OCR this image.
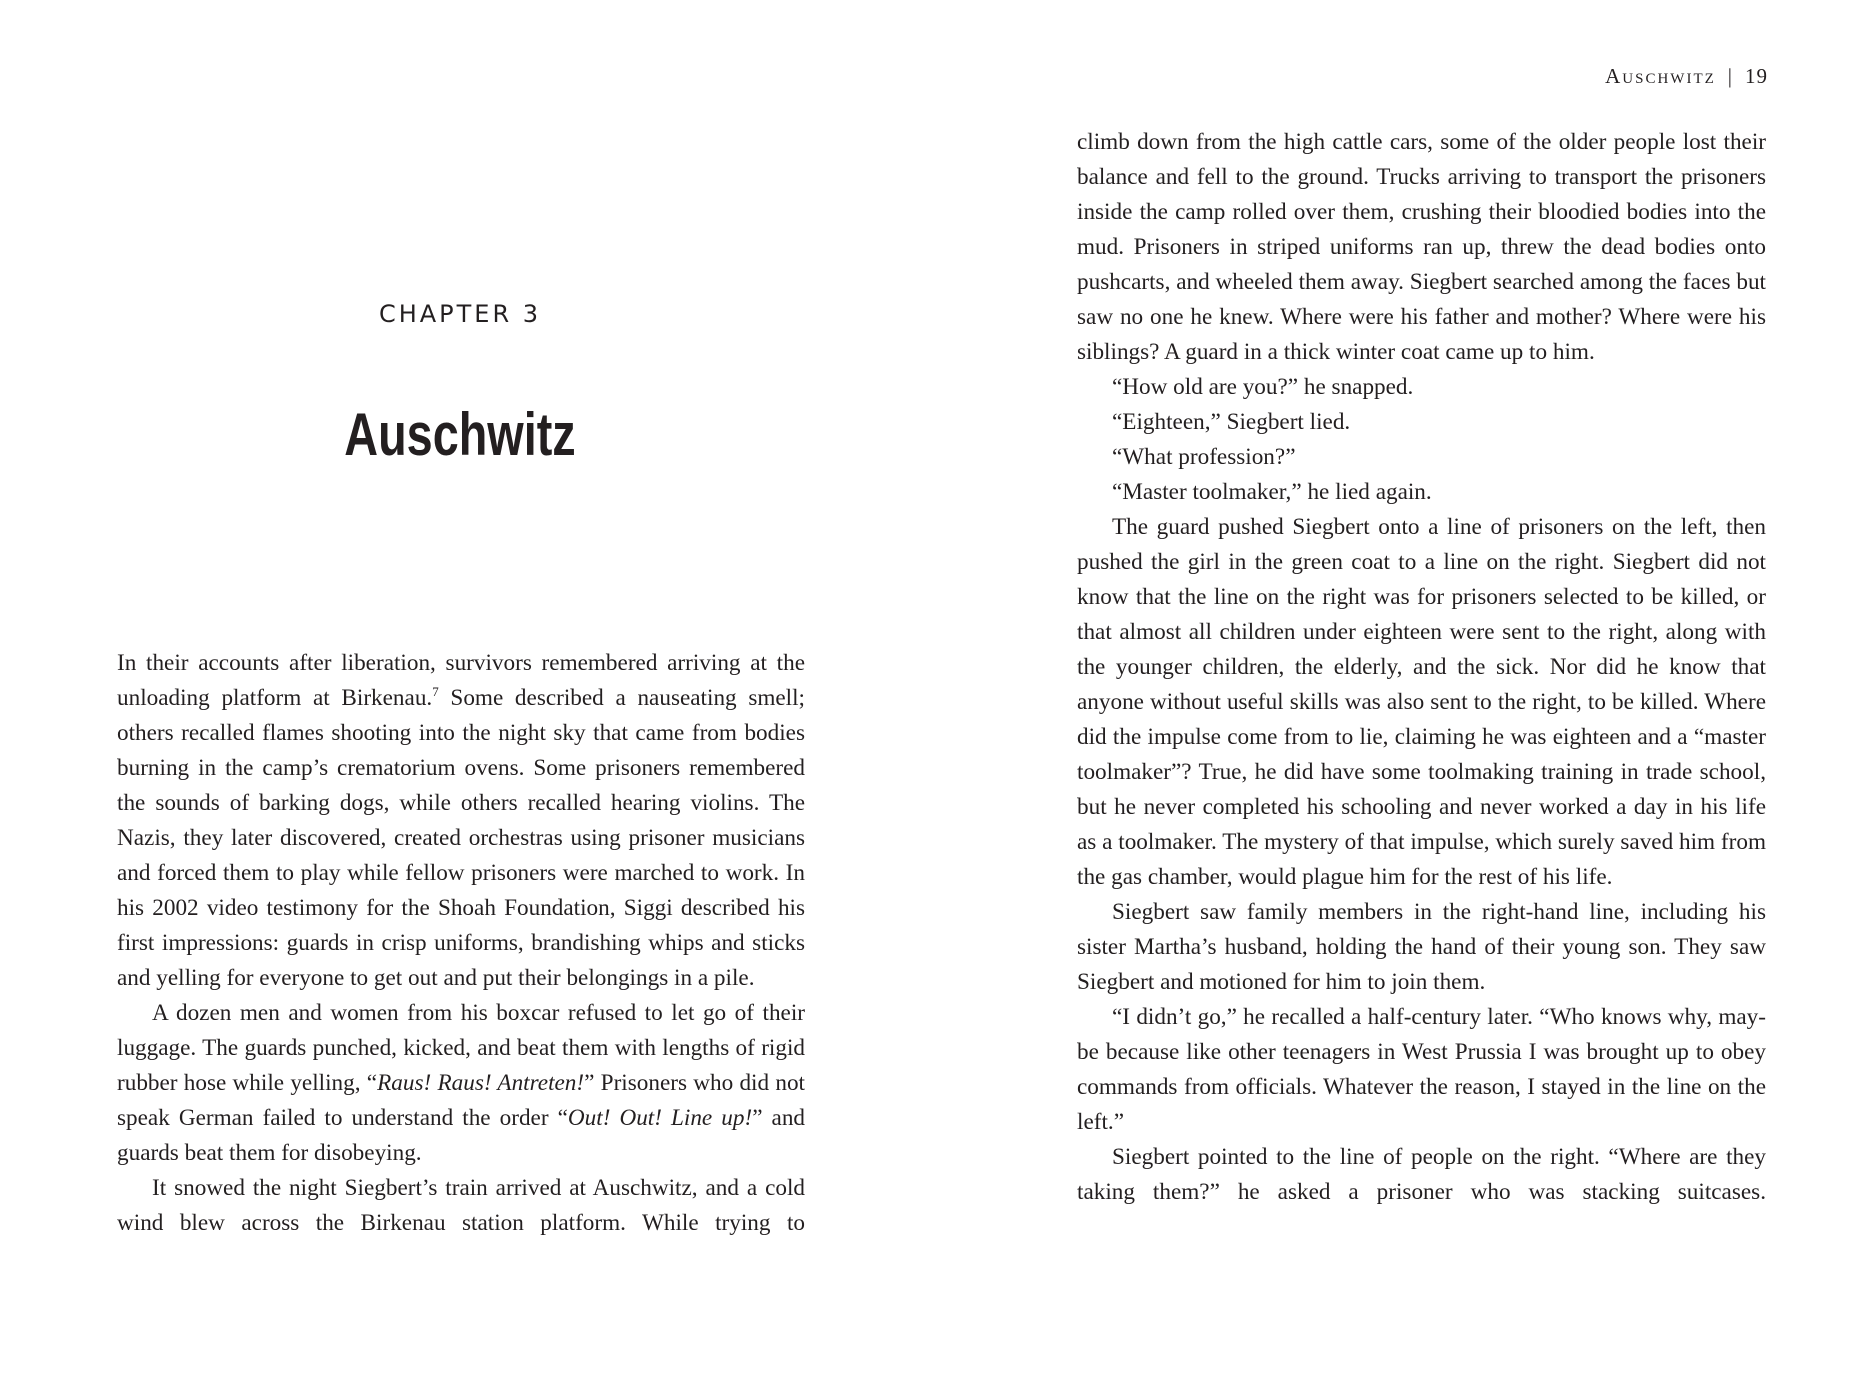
CHAPTER 3
Auschwitz

In their accounts after liberation, survivors remembered arriving at the unloading platform at Birkenau.$^7$ Some described a nauseating smell; others recalled flames shooting into the night sky that came from bodies burning in the camp’s crematorium ovens. Some prisoners remembered the sounds of barking dogs, while others recalled hearing violins. The Nazis, they later discovered, created orchestras using prisoner musicians and forced them to play while fellow prisoners were marched to work. In his 2002 video testimony for the Shoah Foundation, Siggi described his first impressions: guards in crisp uniforms, brandishing whips and sticks and yelling for everyone to get out and put their belongings in a pile.

A dozen men and women from his boxcar refused to let go of their luggage. The guards punched, kicked, and beat them with lengths of rigid rubber hose while yelling, “Raus! Raus! Antreten!” Prisoners who did not speak German failed to understand the order “Out! Out! Line up!” and guards beat them for disobeying.

It snowed the night Siegbert’s train arrived at Auschwitz, and a cold wind blew across the Birkenau station platform. While trying to

Auschwitz | 19

climb down from the high cattle cars, some of the older people lost their balance and fell to the ground. Trucks arriving to transport the prisoners inside the camp rolled over them, crushing their bloodied bodies into the mud. Prisoners in striped uniforms ran up, threw the dead bodies onto pushcarts, and wheeled them away. Siegbert searched among the faces but saw no one he knew. Where were his father and mother? Where were his siblings? A guard in a thick winter coat came up to him.

“How old are you?” he snapped.

“Eighteen,” Siegbert lied.

“What profession?”

“Master toolmaker,” he lied again.

The guard pushed Siegbert onto a line of prisoners on the left, then pushed the girl in the green coat to a line on the right. Siegbert did not know that the line on the right was for prisoners selected to be killed, or that almost all children under eighteen were sent to the right, along with the younger children, the elderly, and the sick. Nor did he know that anyone without useful skills was also sent to the right, to be killed. Where did the impulse come from to lie, claiming he was eighteen and a “master toolmaker”? True, he did have some toolmaking training in trade school, but he never completed his schooling and never worked a day in his life as a toolmaker. The mystery of that impulse, which surely saved him from the gas chamber, would plague him for the rest of his life.

Siegbert saw family members in the right-hand line, including his sister Martha’s husband, holding the hand of their young son. They saw Siegbert and motioned for him to join them.

“I didn’t go,” he recalled a half-century later. “Who knows why, maybe because like other teenagers in West Prussia I was brought up to obey commands from officials. Whatever the reason, I stayed in the line on the left.”

Siegbert pointed to the line of people on the right. “Where are they taking them?” he asked a prisoner who was stacking suitcases.
